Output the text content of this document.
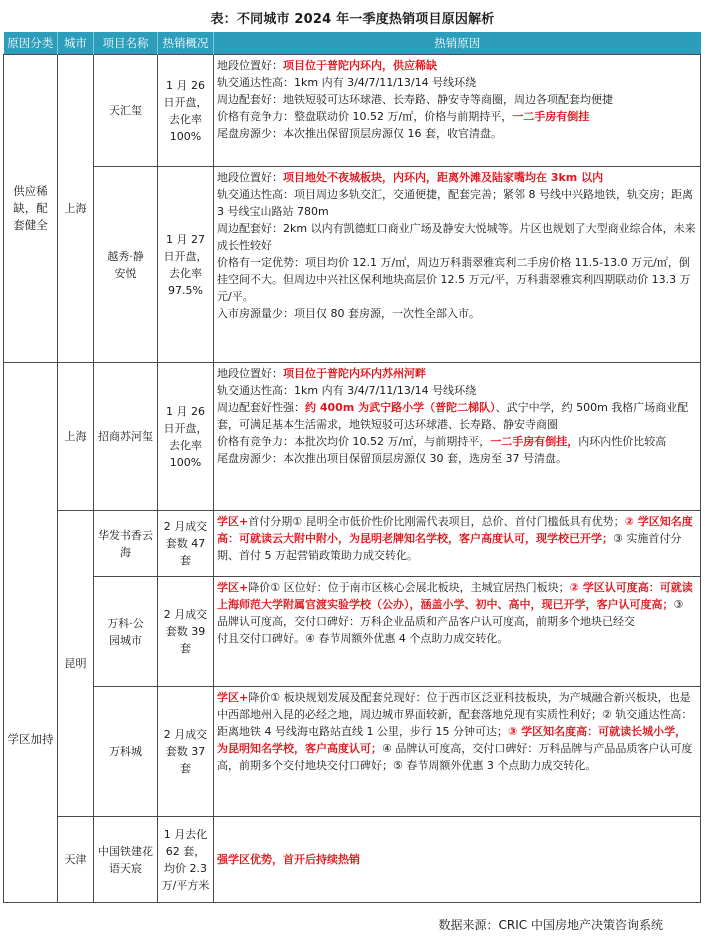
表：不同城市 2024 年一季度热销项目原因解析
原因分类	城市	项目名称	热销概况	热销原因
供应稀缺，配套健全	上海	天汇玺	1 月 26 日开盘，去化率 100%	地段位置好：项目位于普陀内环内，供应稀缺
轨交通达性高：1km 内有 3/4/7/11/13/14 号线环绕
周边配套好：地铁短驳可达环球港、长寿路、静安寺等商圈，周边各项配套均便捷
价格有竞争力：整盘联动价 10.52 万/㎡，价格与前期持平，一二手房有倒挂
尾盘房源少：本次推出保留顶层房源仅 16 套，收官清盘。

		越秀·静安悦	1 月 27 日开盘，去化率 97.5%	地段位置好：项目地处不夜城板块，内环内，距离外滩及陆家嘴均在 3km 以内
轨交通达性高：项目周边多轨交汇，交通便捷，配套完善；紧邻 8 号线中兴路地铁，轨交房；距离 3 号线宝山路站 780m
周边配套好：2km 以内有凯德虹口商业广场及静安大悦城等。片区也规划了大型商业综合体，未来成长性较好
价格有一定优势：项目均价 12.1 万/㎡，周边万科翡翠雅宾利二手房价格 11.5-13.0 万元/㎡，倒挂空间不大。但周边中兴社区保利地块高层价 12.5 万元/平，万科翡翠雅宾利四期联动价 13.3 万元/平。
入市房源量少：项目仅 80 套房源，一次性全部入市。

	上海	招商苏河玺	1 月 26 日开盘，去化率 100%	地段位置好：项目位于普陀内环内苏州河畔
轨交通达性高：1km 内有 3/4/7/11/13/14 号线环绕
周边配套好性强：约 400m 为武宁路小学（普陀二梯队）、武宁中学，约 500m 我格广场商业配套，可满足基本生活需求，地铁短驳可达环球港、长寿路、静安寺商圈
价格有竞争力：本批次均价 10.52 万/㎡，与前期持平，一二手房有倒挂，内环内性价比较高
尾盘房源少：本次推出项目保留顶层房源仅 30 套，选房至 37 号清盘。

	昆明	华发书香云海	2 月成交套数 47 套	学区+首付分期① 昆明全市低价性价比刚需代表项目，总价、首付门槛低具有优势；② 学区知名度高：可就读云大附中附小，为昆明老牌知名学校，客户高度认可，现学校已开学；③ 实施首付分期、首付 5 万起营销政策助力成交转化。

学区加持		万科·公园城市	2 月成交套数 39 套	学区+降价① 区位好：位于南市区核心会展北板块，主城宜居热门板块；② 学区认可度高：可就读上海师范大学附属官渡实验学校（公办），涵盖小学、初中、高中，现已开学，客户认可度高；③ 品牌认可度高，交付口碑好：万科企业品质和产品客户认可度高，前期多个地块已经交
付且交付口碑好。④ 春节周额外优惠 4 个点助力成交转化。

		万科城	2 月成交套数 37 套	学区+降价① 板块规划发展及配套兑现好：位于西市区泛亚科技板块，为产城融合新兴板块，也是中西部地州入昆的必经之地，周边城市界面较新，配套落地兑现有实质性利好；② 轨交通达性高：距离地铁 4 号线海屯路站直线 1 公里，步行 15 分钟可达；③ 学区知名度高：可就读长城小学，为昆明知名学校，客户高度认可；④ 品牌认可度高，交付口碑好：万科品牌与产品品质客户认可度高，前期多个交付地块交付口碑好；⑤ 春节周额外优惠 3 个点助力成交转化。

	天津	中国铁建花语天宸	1 月去化 62 套，均价 2.3 万/平方米	强学区优势，首开后持续热销
数据来源：CRIC 中国房地产决策咨询系统
